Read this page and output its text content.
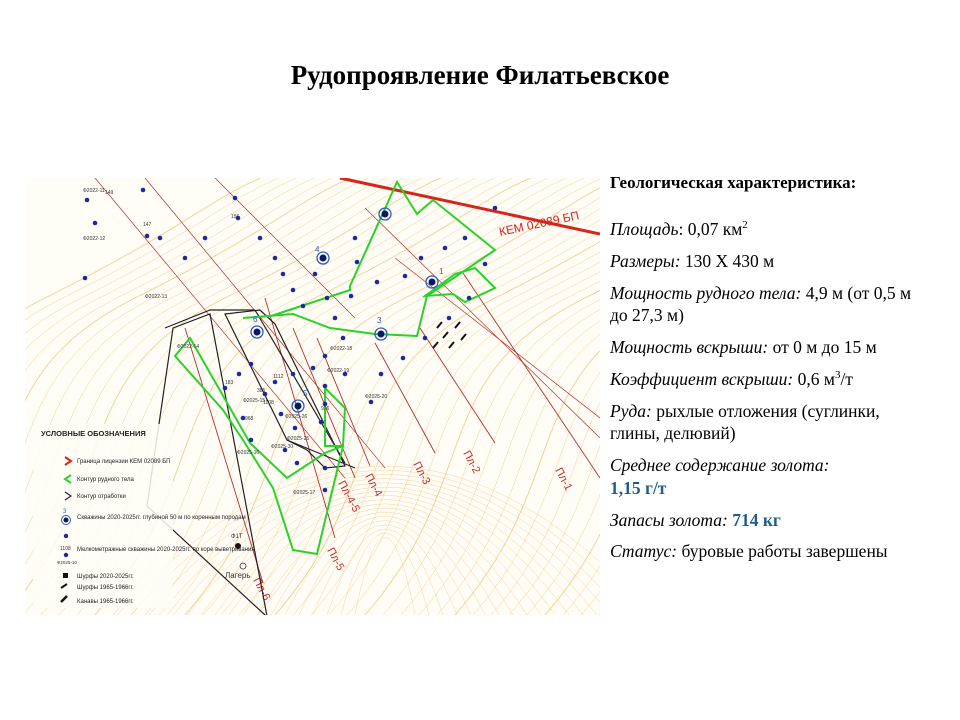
Рудопроявление Филатьевское
Пл-1
Пл-2
Пл-3
Пл-4
Пл-4-5
Пл-5
Пл-6
КЕМ 02089 БП
Ф2022-11
Ф2022-12
Ф2022-13
Ф2022-14	Ф2022-18
Ф2022-19
Ф2025-20
Ф2025-26
Ф2025-25
Ф2025-15
Ф2025-16
Ф2025-17
Ф2025-30
149
147
156
183
385
1108
1112
968
976
1
3
4
5
6
Ф1Т
Лагерь
УСЛОВНЫЕ ОБОЗНАЧЕНИЯ
3
1108
Ф2025-10
Граница лицензии КЕМ 02089 БП
Контур рудного тела
Контур отработки
Скважины 2020-2025гг. глубиной 50 м по коренным породам
Мелкометражные скважины 2020-2025гг. по коре выветривания
Шурфы 2020-2025гг.
Шурфы 1965-1966гг.
Канавы 1965-1966гг.
Геологическая характеристика:

Площадь: 0,07 $км^2$

Размеры: 130 Х 430 м

Мощность рудного тела: 4,9 м (от 0,5 м до 27,3 м)

Мощность вскрыши: от 0 м до 15 м

Коэффициент вскрыши: 0,6 $м^3/т$

Руда: рыхлые отложения (суглинки, глины, делювий)

Среднее содержание золота:
1,15 г/т

Запасы золота: 714 кг

Статус: буровые работы завершены
